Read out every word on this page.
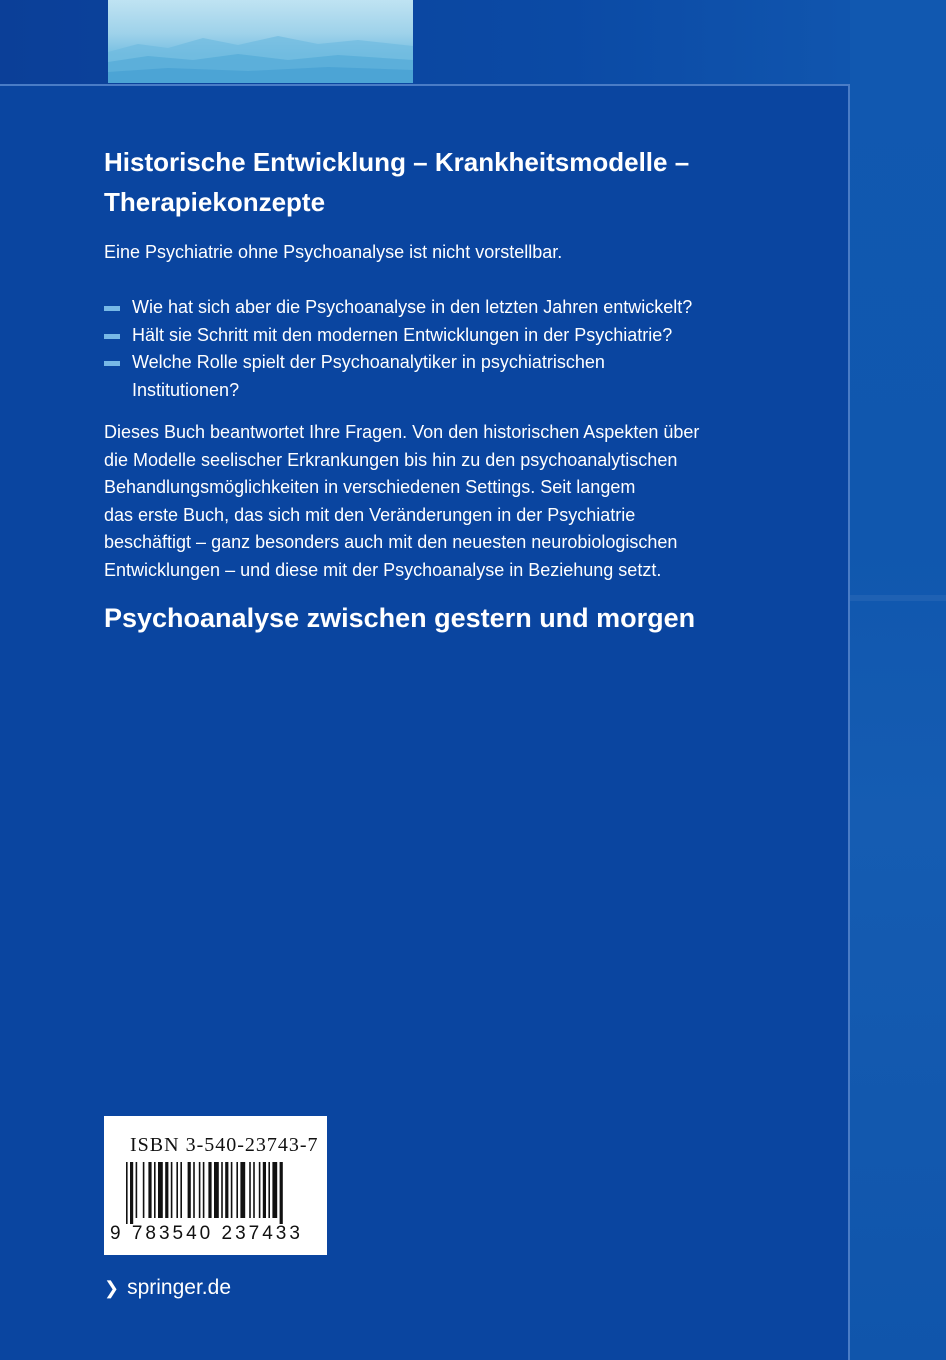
Historische Entwicklung – Krankheitsmodelle –
Therapiekonzepte

Eine Psychiatrie ohne Psychoanalyse ist nicht vorstellbar.

Wie hat sich aber die Psychoanalyse in den letzten Jahren entwickelt?
Hält sie Schritt mit den modernen Entwicklungen in der Psychiatrie?
Welche Rolle spielt der Psychoanalytiker in psychiatrischen
Institutionen?

Dieses Buch beantwortet Ihre Fragen. Von den historischen Aspekten über
die Modelle seelischer Erkrankungen bis hin zu den psychoanalytischen
Behandlungsmöglichkeiten in verschiedenen Settings. Seit langem
das erste Buch, das sich mit den Veränderungen in der Psychiatrie
beschäftigt – ganz besonders auch mit den neuesten neurobiologischen
Entwicklungen – und diese mit der Psychoanalyse in Beziehung setzt.

Psychoanalyse zwischen gestern und morgen
ISBN 3-540-23743-7
9 783540 237433
❯ springer.de
